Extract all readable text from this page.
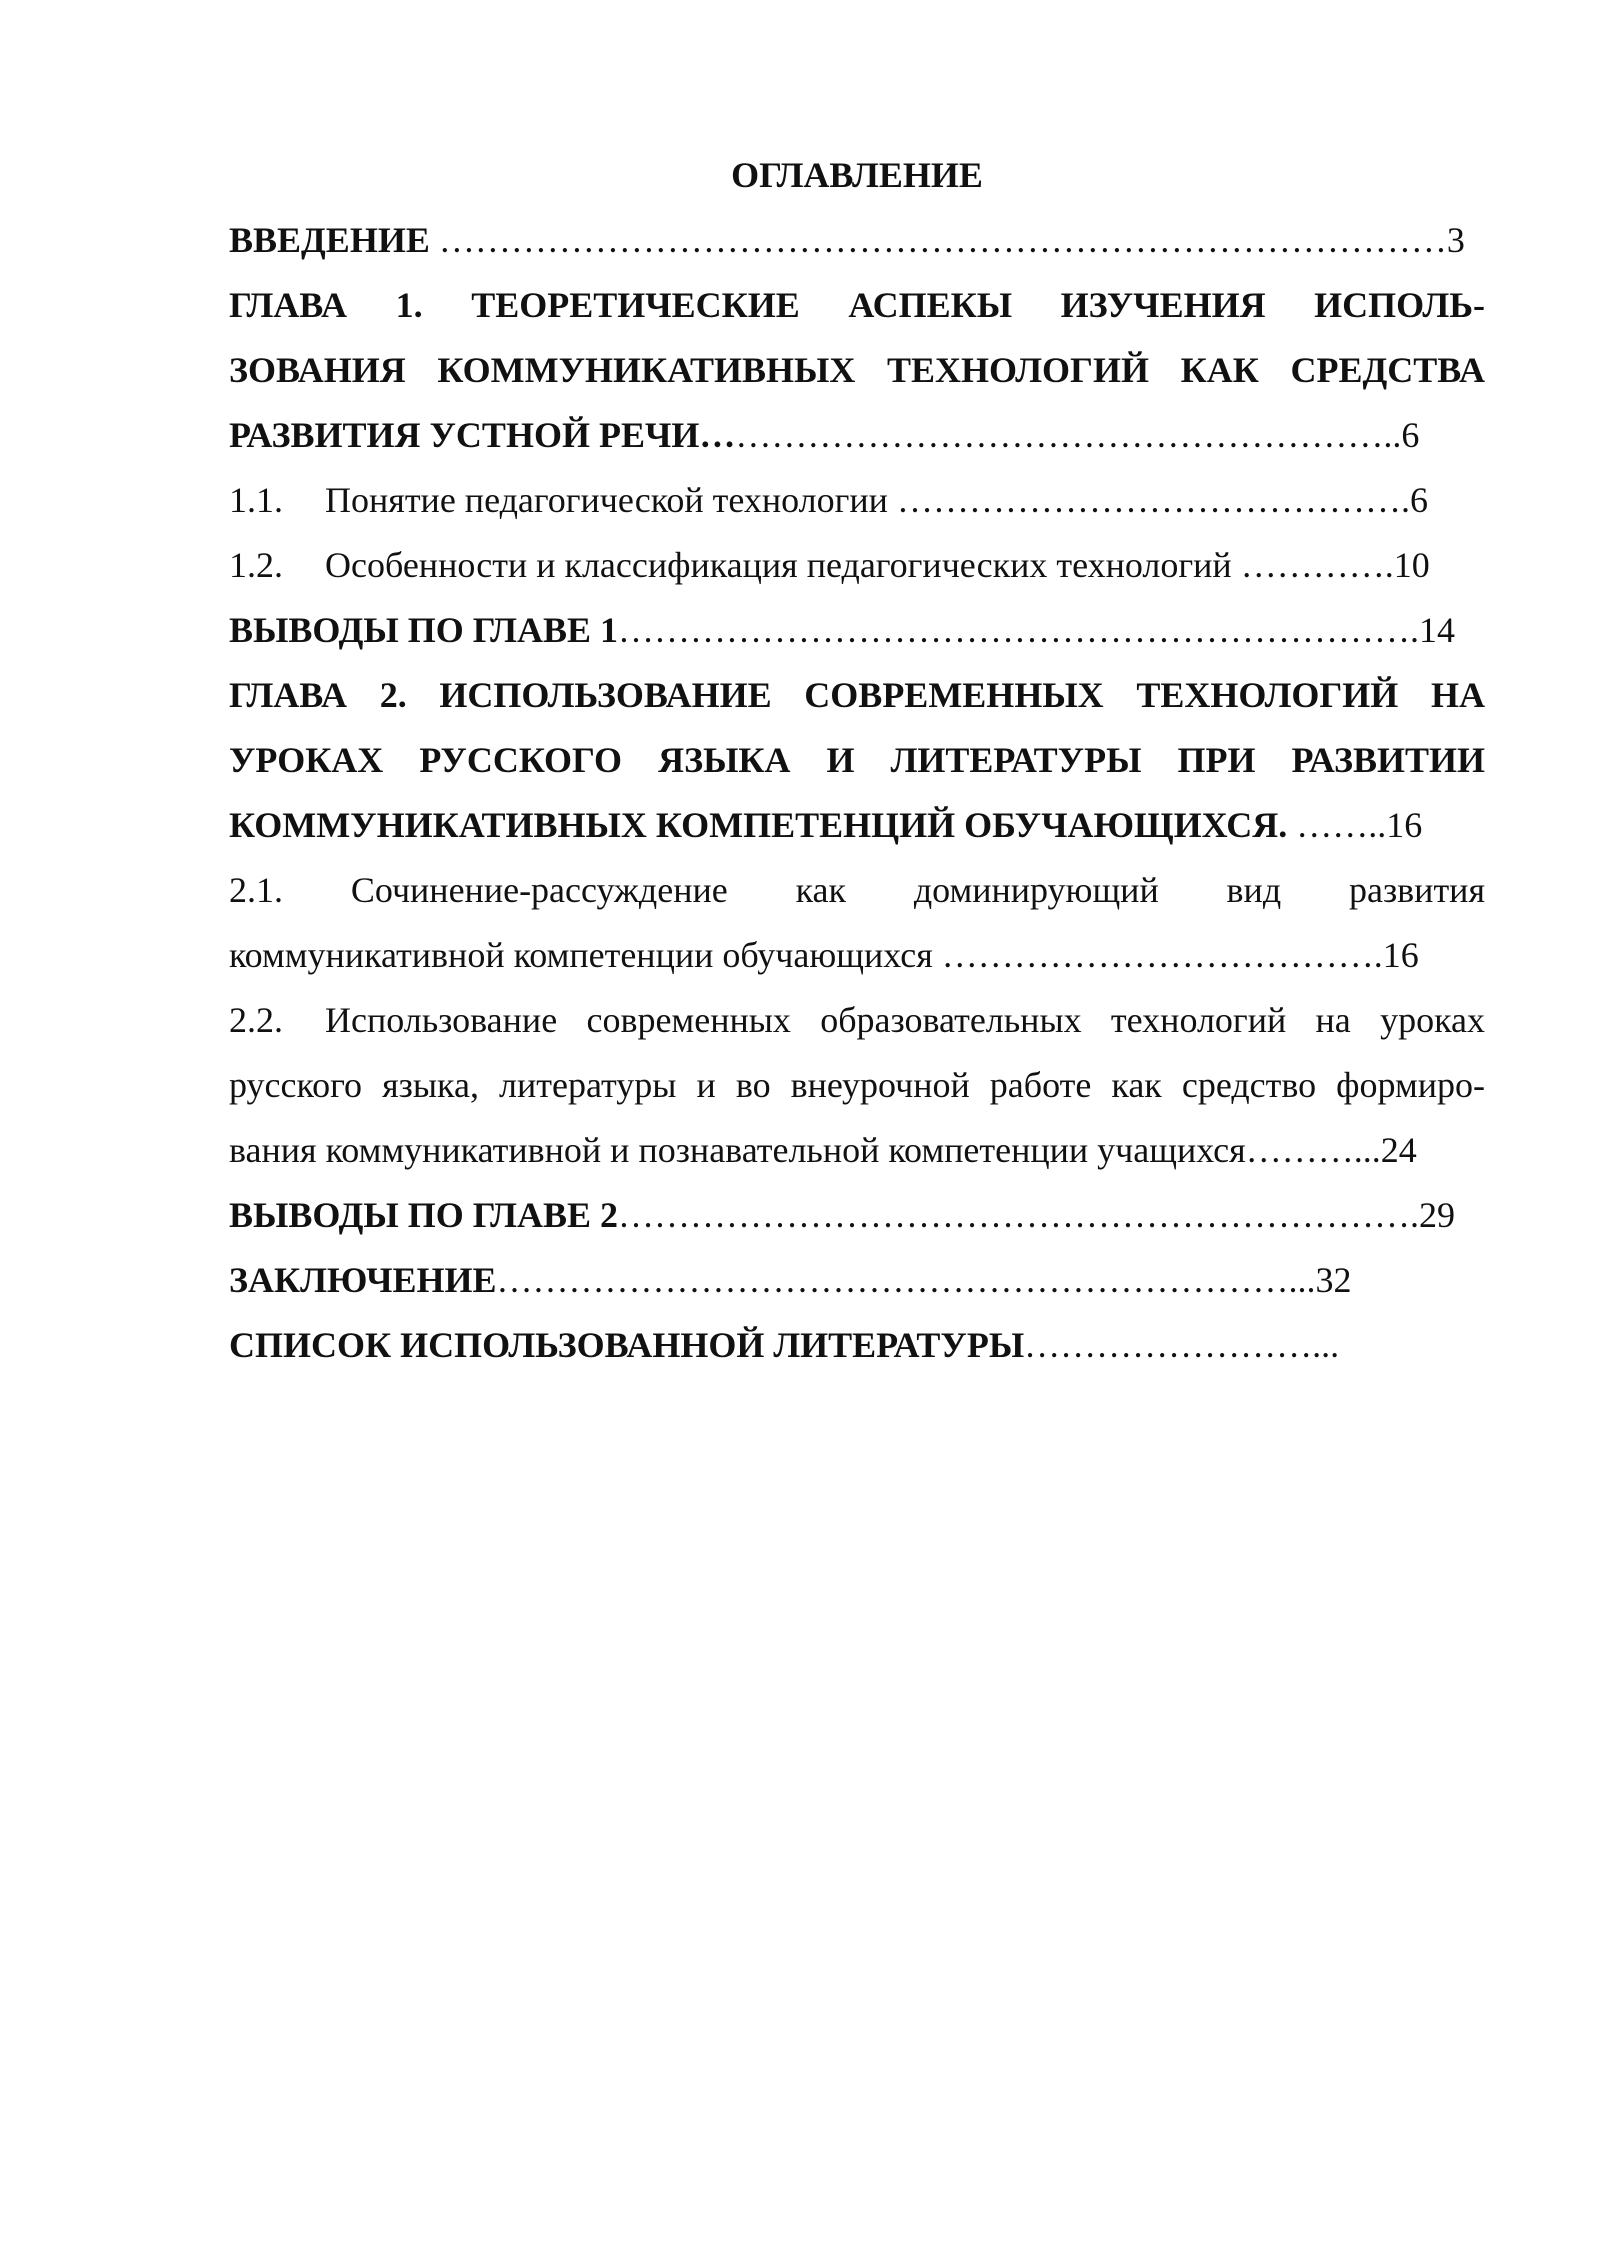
ОГЛАВЛЕНИЕ
ВВЕДЕНИЕ …………………………………………………………………………3
ГЛАВА 1. ТЕОРЕТИЧЕСКИЕ АСПЕКЫ ИЗУЧЕНИЯ ИСПОЛЬ-
ЗОВАНИЯ КОММУНИКАТИВНЫХ ТЕХНОЛОГИЙ КАК СРЕДСТВА
РАЗВИТИЯ УСТНОЙ РЕЧИ…………………………………………………..6
1.1. Понятие педагогической технологии …………………………………….6
1.2. Особенности и классификация педагогических технологий ………….10
ВЫВОДЫ ПО ГЛАВЕ 1………………………………………………………….14
ГЛАВА 2. ИСПОЛЬЗОВАНИЕ СОВРЕМЕННЫХ ТЕХНОЛОГИЙ НА
УРОКАХ РУССКОГО ЯЗЫКА И ЛИТЕРАТУРЫ ПРИ РАЗВИТИИ
КОММУНИКАТИВНЫХ КОМПЕТЕНЦИЙ ОБУЧАЮЩИХСЯ. ……..16
2.1. Сочинение-рассуждение как доминирующий вид развития
коммуникативной компетенции обучающихся ……………………………….16
2.2. Использование современных образовательных технологий на уроках
русского языка, литературы и во внеурочной работе как средство формиро-
вания коммуникативной и познавательной компетенции учащихся………...24
ВЫВОДЫ ПО ГЛАВЕ 2………………………………………………………….29
ЗАКЛЮЧЕНИЕ…………………………………………………………...32
СПИСОК ИСПОЛЬЗОВАННОЙ ЛИТЕРАТУРЫ……………………...
